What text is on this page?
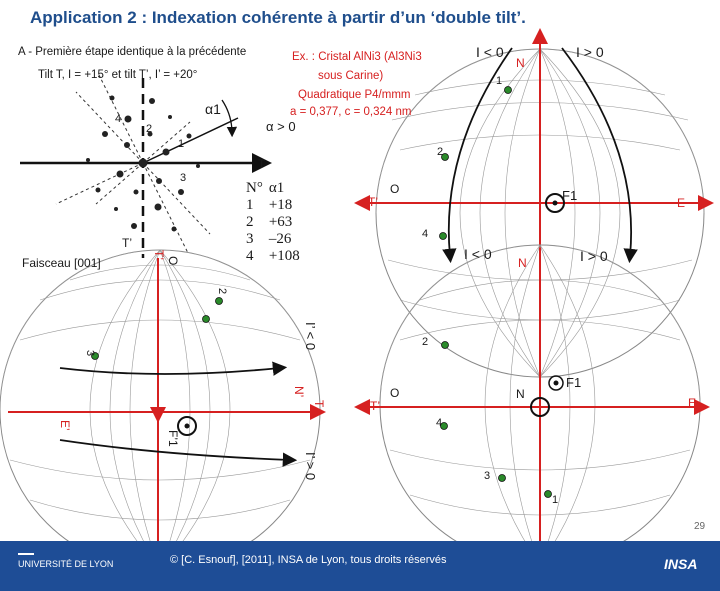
Application 2 : Indexation cohérente à partir d’un ‘double tilt’.
A - Première étape identique à la précédente
Tilt T, I = +15° et tilt T’, I’ = +20°
Ex. : Cristal AlNi3 (Al3Ni3
sous Carine)
Quadratique P4/mmm
a = 0,377, c = 0,324 nm
α1
α > 0
4
2
1
3
T
T’
Faisceau [001]
N°	α1
1	+18
2	+63
3	–26
4	+108
T
I < 0	I > 0
N
1
2
4
O
T’	F1	E
I < 0
N	I > 0
2
O
T’
N
F1
E
4
3
1
T’
O
2
3
I’ < 0
N’
T
I’ > 0
E’
F’1
29
UNIVERSITÉ DE LYON	© [C. Esnouf], [2011], INSA de Lyon, tous droits réservés	INSA
